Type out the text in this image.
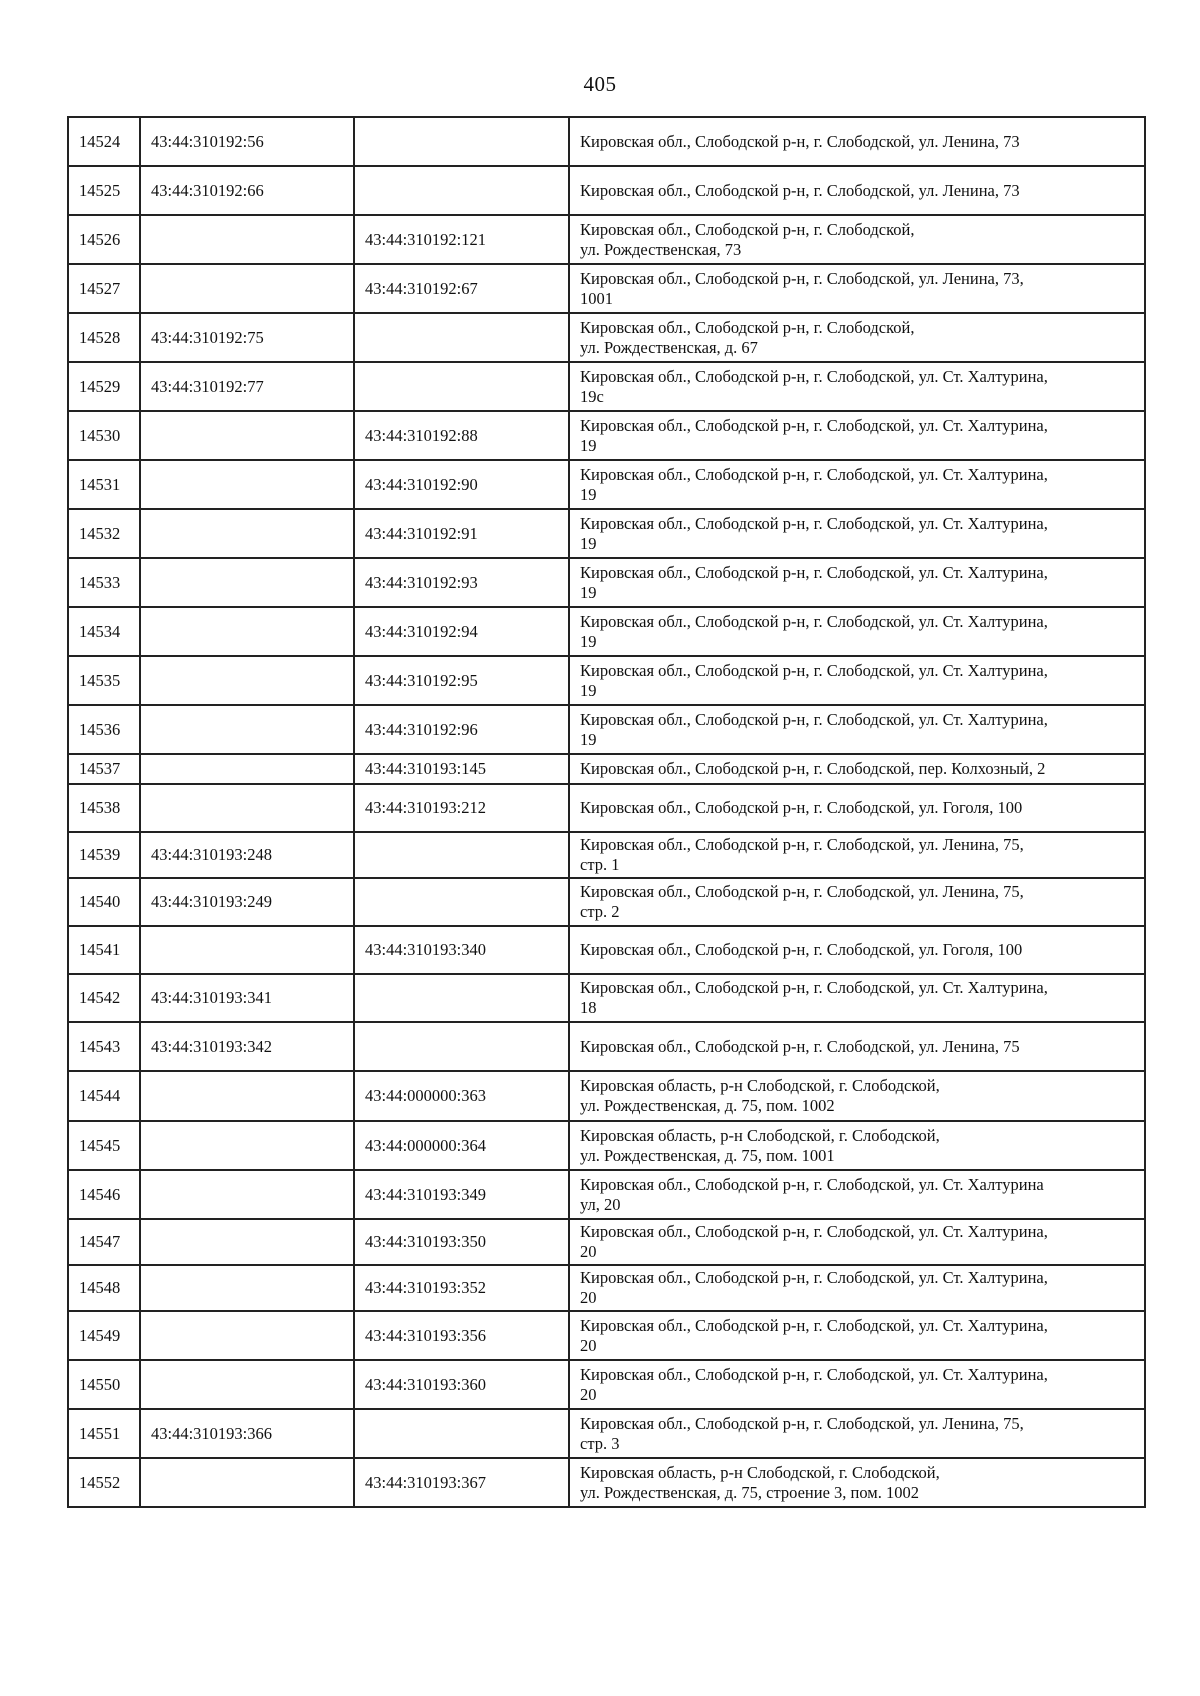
405
14524	43:44:310192:56		Кировская обл., Слободской р-н, г. Слободской, ул. Ленина, 73
14525	43:44:310192:66		Кировская обл., Слободской р-н, г. Слободской, ул. Ленина, 73
14526		43:44:310192:121	Кировская обл., Слободской р-н, г. Слободской,
ул. Рождественская, 73
14527		43:44:310192:67	Кировская обл., Слободской р-н, г. Слободской, ул. Ленина, 73,
1001
14528	43:44:310192:75		Кировская обл., Слободской р-н, г. Слободской,
ул. Рождественская, д. 67
14529	43:44:310192:77		Кировская обл., Слободской р-н, г. Слободской, ул. Ст. Халтурина,
19с
14530		43:44:310192:88	Кировская обл., Слободской р-н, г. Слободской, ул. Ст. Халтурина,
19
14531		43:44:310192:90	Кировская обл., Слободской р-н, г. Слободской, ул. Ст. Халтурина,
19
14532		43:44:310192:91	Кировская обл., Слободской р-н, г. Слободской, ул. Ст. Халтурина,
19
14533		43:44:310192:93	Кировская обл., Слободской р-н, г. Слободской, ул. Ст. Халтурина,
19
14534		43:44:310192:94	Кировская обл., Слободской р-н, г. Слободской, ул. Ст. Халтурина,
19
14535		43:44:310192:95	Кировская обл., Слободской р-н, г. Слободской, ул. Ст. Халтурина,
19
14536		43:44:310192:96	Кировская обл., Слободской р-н, г. Слободской, ул. Ст. Халтурина,
19
14537		43:44:310193:145	Кировская обл., Слободской р-н, г. Слободской, пер. Колхозный, 2
14538		43:44:310193:212	Кировская обл., Слободской р-н, г. Слободской, ул. Гоголя, 100
14539	43:44:310193:248		Кировская обл., Слободской р-н, г. Слободской, ул. Ленина, 75,
стр. 1
14540	43:44:310193:249		Кировская обл., Слободской р-н, г. Слободской, ул. Ленина, 75,
стр. 2
14541		43:44:310193:340	Кировская обл., Слободской р-н, г. Слободской, ул. Гоголя, 100
14542	43:44:310193:341		Кировская обл., Слободской р-н, г. Слободской, ул. Ст. Халтурина,
18
14543	43:44:310193:342		Кировская обл., Слободской р-н, г. Слободской, ул. Ленина, 75
14544		43:44:000000:363	Кировская область, р-н Слободской, г. Слободской,
ул. Рождественская, д. 75, пом. 1002
14545		43:44:000000:364	Кировская область, р-н Слободской, г. Слободской,
ул. Рождественская, д. 75, пом. 1001
14546		43:44:310193:349	Кировская обл., Слободской р-н, г. Слободской, ул. Ст. Халтурина
ул, 20
14547		43:44:310193:350	Кировская обл., Слободской р-н, г. Слободской, ул. Ст. Халтурина,
20
14548		43:44:310193:352	Кировская обл., Слободской р-н, г. Слободской, ул. Ст. Халтурина,
20
14549		43:44:310193:356	Кировская обл., Слободской р-н, г. Слободской, ул. Ст. Халтурина,
20
14550		43:44:310193:360	Кировская обл., Слободской р-н, г. Слободской, ул. Ст. Халтурина,
20
14551	43:44:310193:366		Кировская обл., Слободской р-н, г. Слободской, ул. Ленина, 75,
стр. 3
14552		43:44:310193:367	Кировская область, р-н Слободской, г. Слободской,
ул. Рождественская, д. 75, строение 3, пом. 1002
